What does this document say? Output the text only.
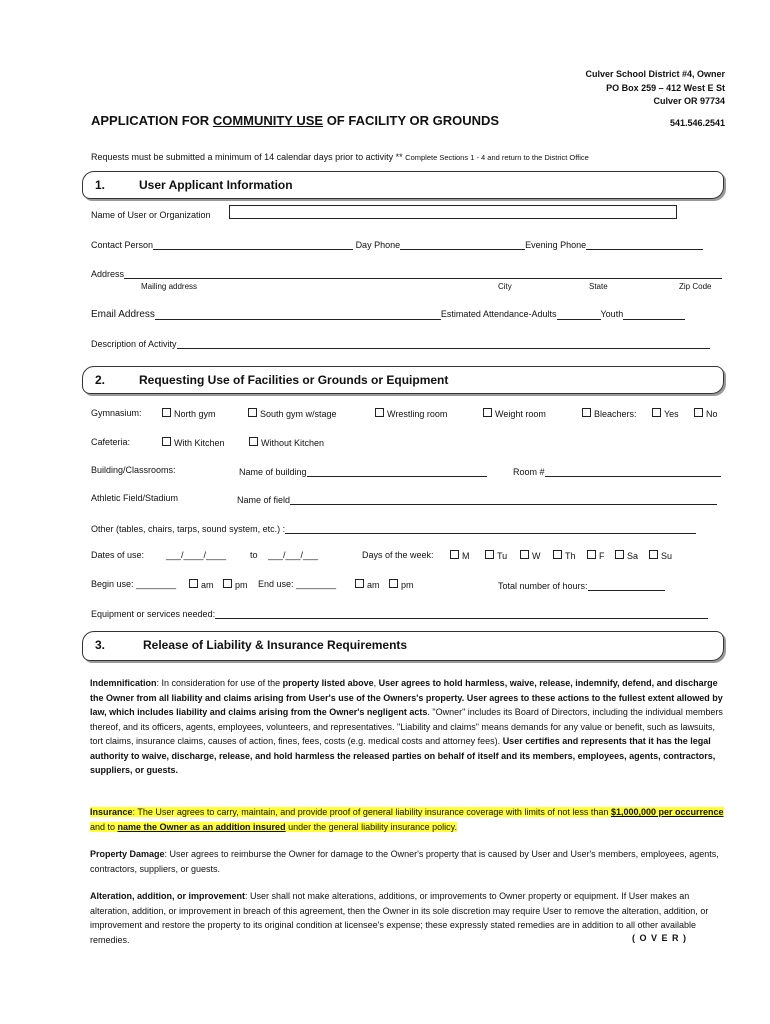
Culver School District #4, Owner
PO Box 259 – 412 West E St
Culver OR 97734
APPLICATION FOR COMMUNITY USE OF FACILITY OR GROUNDS	541.546.2541
Requests must be submitted a minimum of 14 calendar days prior to activity ** Complete Sections 1 - 4 and return to the District Office
1.	User Applicant Information
Name of User or Organization
Contact Person	Day Phone	Evening Phone
Address
Mailing address	City	State	Zip Code
Email Address	Estimated Attendance-Adults	Youth
Description of Activity
2.	Requesting Use of Facilities or Grounds or Equipment
Gymnasium:	North gym	South gym w/stage	Wrestling room	Weight room	Bleachers:	Yes	No
Cafeteria:	With Kitchen	Without Kitchen
Building/Classrooms:	Name of building	Room #
Athletic Field/Stadium	Name of field
Other (tables, chairs, tarps, sound system, etc.) :
Dates of use: ___/____/____	to ___/___/___	Days of the week:	M	Tu	W	Th	F	Sa	Su
Begin use: ________	am	pm End use: ________	am	pm	Total number of hours:
Equipment or services needed:
3.	Release of Liability & Insurance Requirements
Indemnification: In consideration for use of the property listed above, User agrees to hold harmless, waive, release, indemnify, defend, and discharge the Owner from all liability and claims arising from User's use of the Owners's property. User agrees to these actions to the fullest extent allowed by law, which includes liability and claims arising from the Owner's negligent acts. "Owner" includes its Board of Directors, including the individual members thereof, and its officers, agents, employees, volunteers, and representatives. "Liability and claims" means demands for any value or benefit, such as lawsuits, tort claims, insurance claims, causes of action, fines, fees, costs (e.g. medical costs and attorney fees). User certifies and represents that it has the legal authority to waive, discharge, release, and hold harmless the released parties on behalf of itself and its members, employees, agents, contractors, suppliers, or guests.
Insurance: The User agrees to carry, maintain, and provide proof of general liability insurance coverage with limits of not less than $1,000,000 per occurrence and to name the Owner as an addition insured under the general liability insurance policy.
Property Damage: User agrees to reimburse the Owner for damage to the Owner's property that is caused by User and User's members, employees, agents, contractors, suppliers, or guests.
Alteration, addition, or improvement: User shall not make alterations, additions, or improvements to Owner property or equipment. If User makes an alteration, addition, or improvement in breach of this agreement, then the Owner in its sole discretion may require User to remove the alteration, addition, or improvement and restore the property to its original condition at licensee's expense; these expressly stated remedies are in addition to all other available remedies.	( O V E R )
